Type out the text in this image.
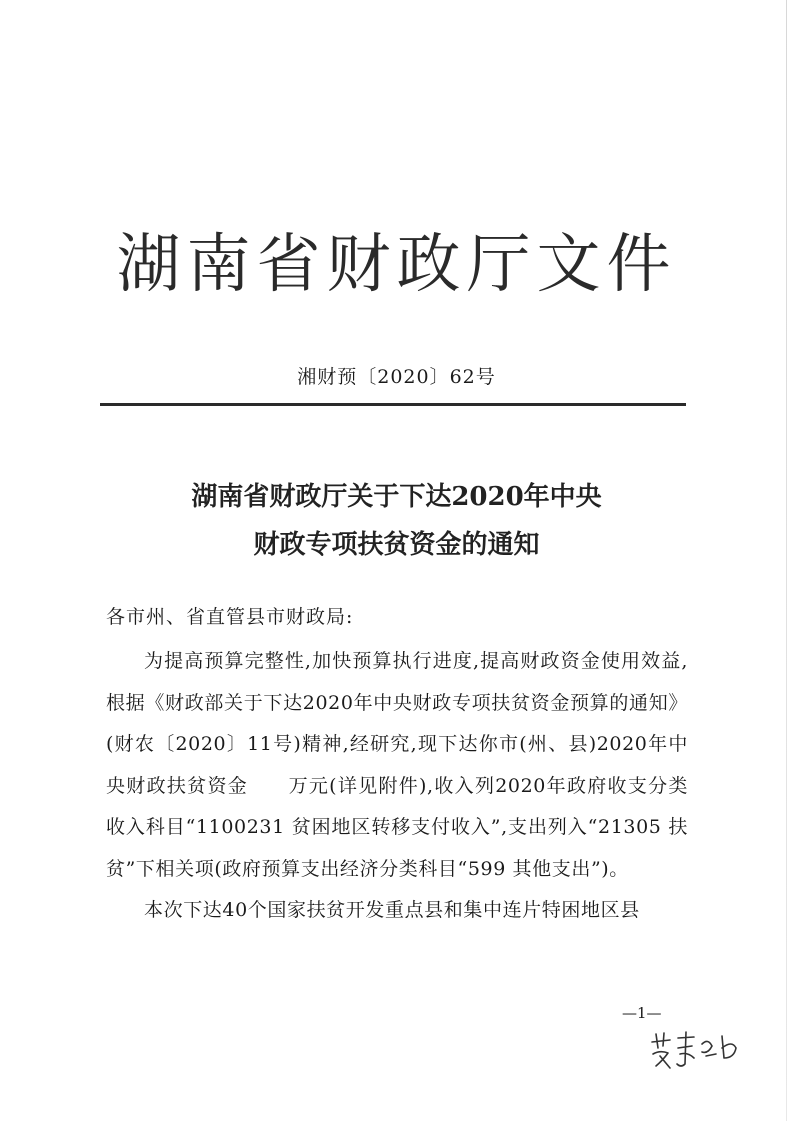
湖南省财政厅文件
湘财预〔2020〕62号
湖南省财政厅关于下达2020年中央
财政专项扶贫资金的通知
各市州、省直管县市财政局:

为提高预算完整性,加快预算执行进度,提高财政资金使用效益,根据《财政部关于下达2020年中央财政专项扶贫资金预算的通知》(财农〔2020〕11号)精神,经研究,现下达你市(州、县)2020年中央财政扶贫资金　　万元(详见附件),收入列2020年政府收支分类收入科目“1100231 贫困地区转移支付收入”,支出列入“21305 扶贫”下相关项(政府预算支出经济分类科目“599 其他支出”)。

本次下达40个国家扶贫开发重点县和集中连片特困地区县

—1—
